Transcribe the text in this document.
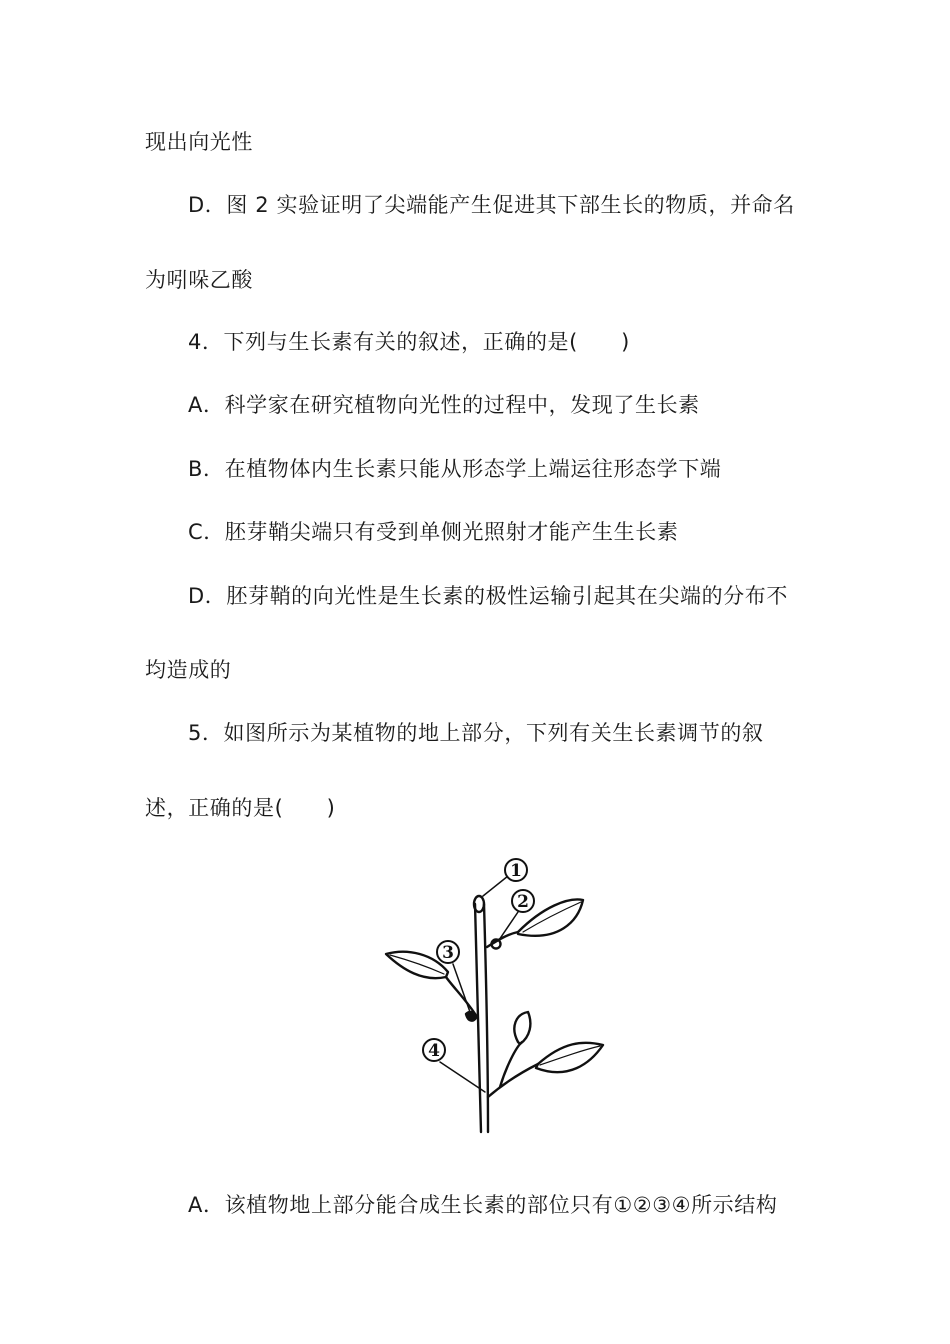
现出向光性
D．图 2 实验证明了尖端能产生促进其下部生长的物质，并命名
为吲哚乙酸
4．下列与生长素有关的叙述，正确的是(　　)
A．科学家在研究植物向光性的过程中，发现了生长素
B．在植物体内生长素只能从形态学上端运往形态学下端
C．胚芽鞘尖端只有受到单侧光照射才能产生生长素
D．胚芽鞘的向光性是生长素的极性运输引起其在尖端的分布不
均造成的
5．如图所示为某植物的地上部分，下列有关生长素调节的叙
述，正确的是(　　)
1
2
3
4
A．该植物地上部分能合成生长素的部位只有①②③④所示结构
